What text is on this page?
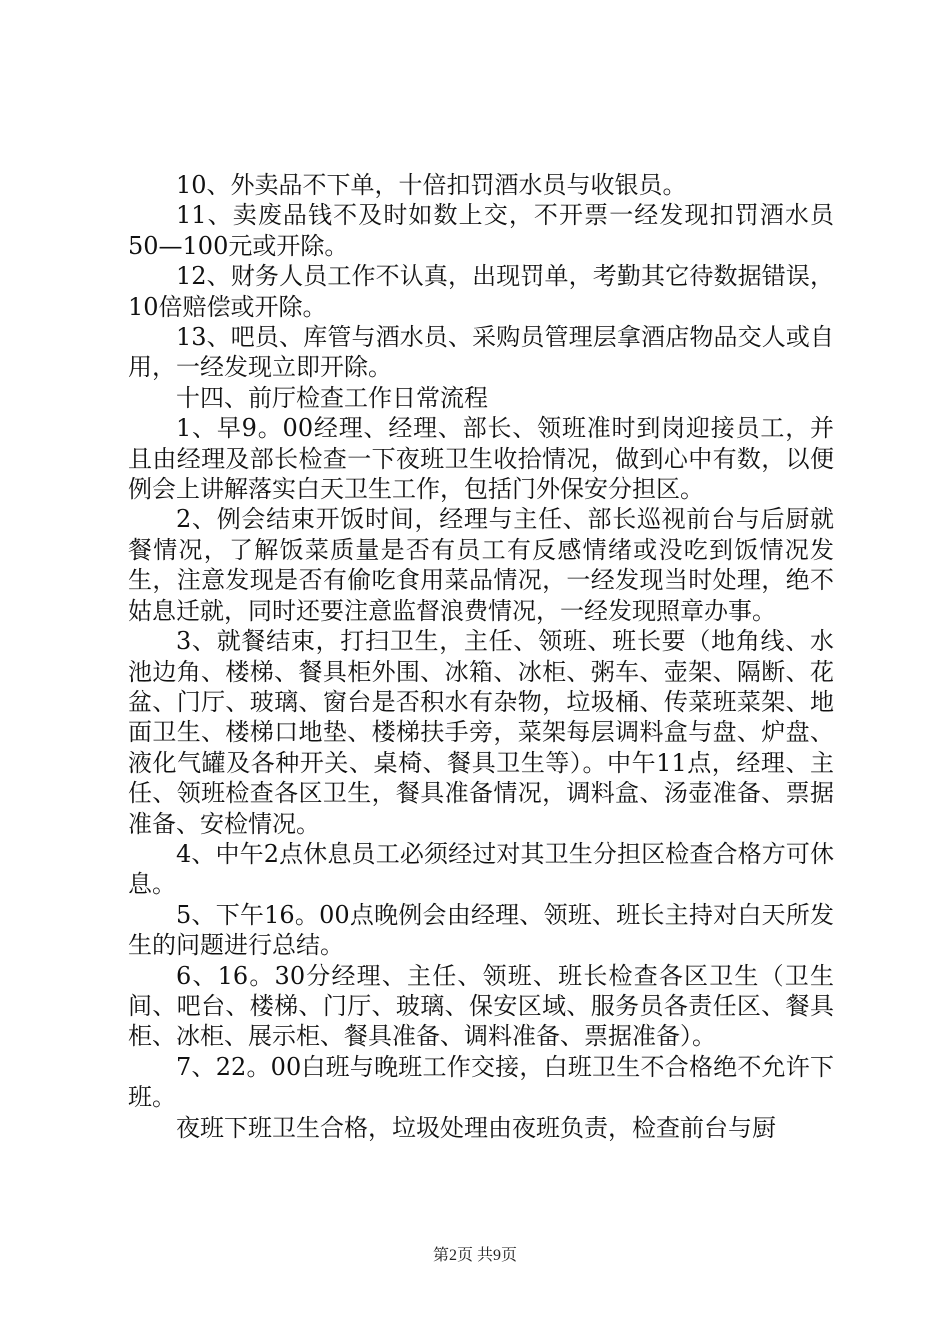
10、外卖品不下单，十倍扣罚酒水员与收银员。

11、卖废品钱不及时如数上交，不开票一经发现扣罚酒水员50—100元或开除。

12、财务人员工作不认真，出现罚单，考勤其它待数据错误，10倍赔偿或开除。

13、吧员、库管与酒水员、采购员管理层拿酒店物品交人或自用，一经发现立即开除。

十四、前厅检查工作日常流程

1、早9。00经理、经理、部长、领班准时到岗迎接员工，并且由经理及部长检查一下夜班卫生收拾情况，做到心中有数，以便例会上讲解落实白天卫生工作，包括门外保安分担区。

2、例会结束开饭时间，经理与主任、部长巡视前台与后厨就餐情况，了解饭菜质量是否有员工有反感情绪或没吃到饭情况发生，注意发现是否有偷吃食用菜品情况，一经发现当时处理，绝不姑息迁就，同时还要注意监督浪费情况，一经发现照章办事。

3、就餐结束，打扫卫生，主任、领班、班长要（地角线、水池边角、楼梯、餐具柜外围、冰箱、冰柜、粥车、壶架、隔断、花盆、门厅、玻璃、窗台是否积水有杂物，垃圾桶、传菜班菜架、地面卫生、楼梯口地垫、楼梯扶手旁，菜架每层调料盒与盘、炉盘、液化气罐及各种开关、桌椅、餐具卫生等）。中午11点，经理、主任、领班检查各区卫生，餐具准备情况，调料盒、汤壶准备、票据准备、安检情况。

4、中午2点休息员工必须经过对其卫生分担区检查合格方可休息。

5、下午16。00点晚例会由经理、领班、班长主持对白天所发生的问题进行总结。

6、16。30分经理、主任、领班、班长检查各区卫生（卫生间、吧台、楼梯、门厅、玻璃、保安区域、服务员各责任区、餐具柜、冰柜、展示柜、餐具准备、调料准备、票据准备）。

7、22。00白班与晚班工作交接，白班卫生不合格绝不允许下班。

夜班下班卫生合格，垃圾处理由夜班负责，检查前台与厨

第2页 共9页
